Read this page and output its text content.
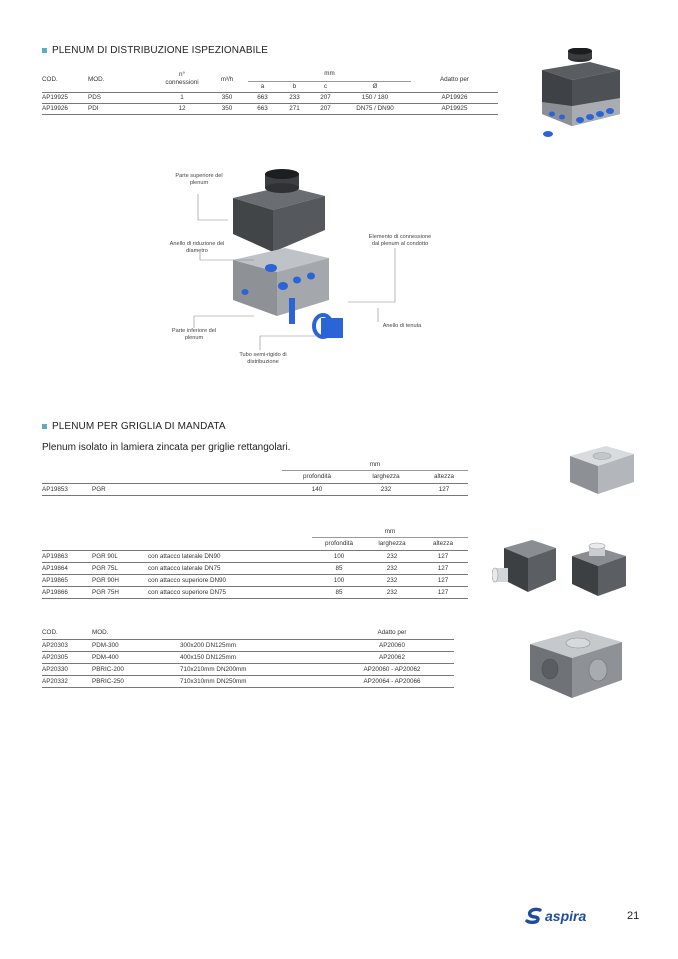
PLENUM DI DISTRIBUZIONE ISPEZIONABILE
COD.	MOD.	n°
connessioni	m³/h	mm				Adatto per
				a	b	c	Ø	
AP19925	PDS	1	350	663	233	207	150 / 180	AP19926
AP19926	PDI	12	350	663	271	207	DN75 / DN90	AP19925
Parte superiore del
plenum
Anello di riduzione del
diametro
Elemento di connessione
dal plenum al condotto
Parte inferiore del
plenum
Anello di tenuta
Tubo semi-rigido di
distribuzione
PLENUM PER GRIGLIA DI MANDATA
Plenum isolato in lamiera zincata per griglie rettangolari.
		mm		
		profondità	larghezza	altezza
AP19853	PGR	140	232	127
			mm		
			profondità	larghezza	altezza
AP19863	PGR 90L	con attacco laterale DN90	100	232	127
AP19864	PGR 75L	con attacco laterale DN75	85	232	127
AP19865	PGR 90H	con attacco superiore DN90	100	232	127
AP19866	PGR 75H	con attacco superiore DN75	85	232	127
COD.	MOD.		Adatto per
AP20303	PDM-300	300x200 DN125mm	AP20060
AP20305	PDM-400	400x150 DN125mm	AP20062
AP20330	PBRIC-200	710x210mm DN200mm	AP20060 - AP20062
AP20332	PBRIC-250	710x310mm DN250mm	AP20064 - AP20066
aspira	21
